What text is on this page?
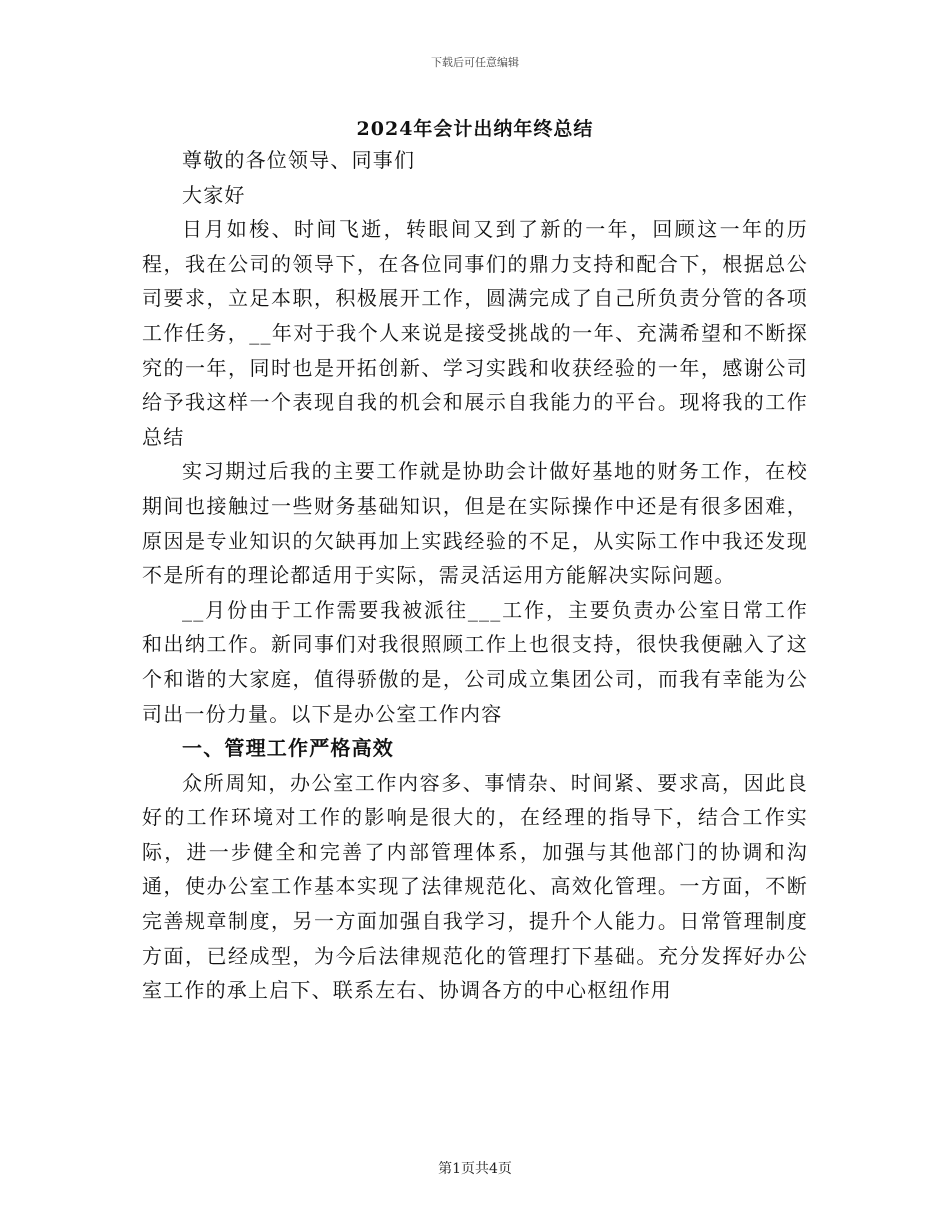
下载后可任意编辑
2024年会计出纳年终总结

尊敬的各位领导、同事们

大家好

日月如梭、时间飞逝，转眼间又到了新的一年，回顾这一年的历程，我在公司的领导下，在各位同事们的鼎力支持和配合下，根据总公司要求，立足本职，积极展开工作，圆满完成了自己所负责分管的各项工作任务，__年对于我个人来说是接受挑战的一年、充满希望和不断探究的一年，同时也是开拓创新、学习实践和收获经验的一年，感谢公司给予我这样一个表现自我的机会和展示自我能力的平台。现将我的工作总结

实习期过后我的主要工作就是协助会计做好基地的财务工作，在校期间也接触过一些财务基础知识，但是在实际操作中还是有很多困难，原因是专业知识的欠缺再加上实践经验的不足，从实际工作中我还发现不是所有的理论都适用于实际，需灵活运用方能解决实际问题。

__月份由于工作需要我被派往___工作，主要负责办公室日常工作和出纳工作。新同事们对我很照顾工作上也很支持，很快我便融入了这个和谐的大家庭，值得骄傲的是，公司成立集团公司，而我有幸能为公司出一份力量。以下是办公室工作内容

一、管理工作严格高效

众所周知，办公室工作内容多、事情杂、时间紧、要求高，因此良好的工作环境对工作的影响是很大的，在经理的指导下，结合工作实际，进一步健全和完善了内部管理体系，加强与其他部门的协调和沟通，使办公室工作基本实现了法律规范化、高效化管理。一方面，不断完善规章制度，另一方面加强自我学习，提升个人能力。日常管理制度方面，已经成型，为今后法律规范化的管理打下基础。充分发挥好办公室工作的承上启下、联系左右、协调各方的中心枢纽作用

第1页共4页
